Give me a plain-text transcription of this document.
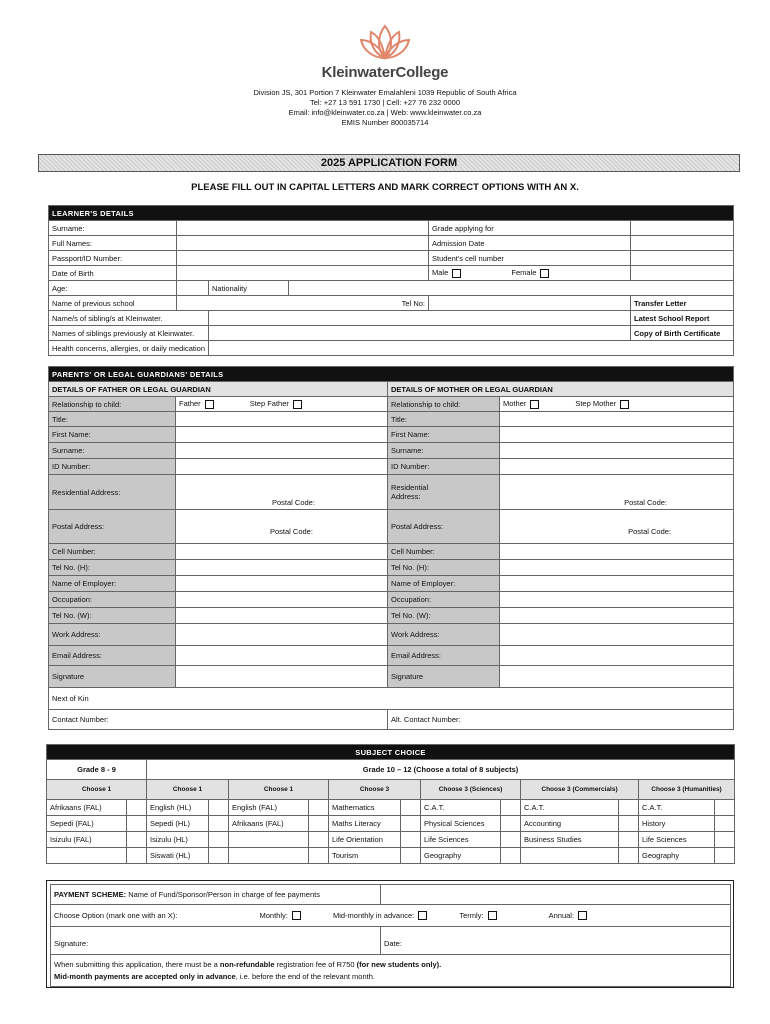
KleinwaterCollege
Division JS, 301 Portion 7 Kleinwater Emalahleni 1039 Republic of South Africa
Tel: +27 13 591 1730 | Cell: +27 76 232 0000
Email: info@kleinwater.co.za | Web: www.kleinwater.co.za
EMIS Number 800035714
2025 APPLICATION FORM
PLEASE FILL OUT IN CAPITAL LETTERS AND MARK CORRECT OPTIONS WITH AN X.
LEARNER'S DETAILS					
Surname:				Grade applying for	
Full Names:				Admission Date	
Passport/ID Number:				Student's cell number	
Date of Birth				Male Female	
Age:		Nationality			
Name of previous school	Tel No:				Transfer Letter
Name/s of sibling/s at Kleinwater.					Latest School Report
Names of siblings previously at Kleinwater.					Copy of Birth Certificate
Health concerns, allergies, or daily medication					
PARENTS' OR LEGAL GUARDIANS' DETAILS			
DETAILS OF FATHER OR LEGAL GUARDIAN		DETAILS OF MOTHER OR LEGAL GUARDIAN	
Relationship to child:	Father Step Father	Relationship to child:	Mother Step Mother
Title:		Title:	
First Name:		First Name:	
Surname:		Surname:	
ID Number:		ID Number:	
Residential Address:	Postal Code:	Residential Address:	Postal Code:
Postal Address:	Postal Code:	Postal Address:	Postal Code:
Cell Number:		Cell Number:	
Tel No. (H):		Tel No. (H):	
Name of Employer:		Name of Employer:	
Occupation:		Occupation:	
Tel No. (W):		Tel No. (W):	
Work Address:		Work Address:	
Email Address:		Email Address:	
Signature		Signature	
Next of Kin			
Contact Number:		Alt. Contact Number:	
SUBJECT CHOICE													
Grade 8 - 9		Grade 10 – 12 (Choose a total of 8 subjects)											
Choose 1		Choose 1		Choose 1		Choose 3		Choose 3 (Sciences)		Choose 3 (Commercials)		Choose 3 (Humanities)	
Afrikaans (FAL)		English (HL)		English (FAL)		Mathematics		C.A.T.		C.A.T.		C.A.T.	
Sepedi (FAL)		Sepedi (HL)		Afrikaans (FAL)		Maths Literacy		Physical Sciences		Accounting		History	
Isizulu (FAL)		Isizulu (HL)				Life Orientation		Life Sciences		Business Studies		Life Sciences	
		Siswati (HL)				Tourism		Geography				Geography	
PAYMENT SCHEME: Name of Fund/Sponsor/Person in charge of fee payments	
Choose Option (mark one with an X): Monthly: Mid-monthly in advance: Termly: Annual:	
Signature:	Date:

When submitting this application, there must be a non-refundable registration fee of R750 (for new students only).
Mid-month payments are accepted only in advance, i.e. before the end of the relevant month.	
